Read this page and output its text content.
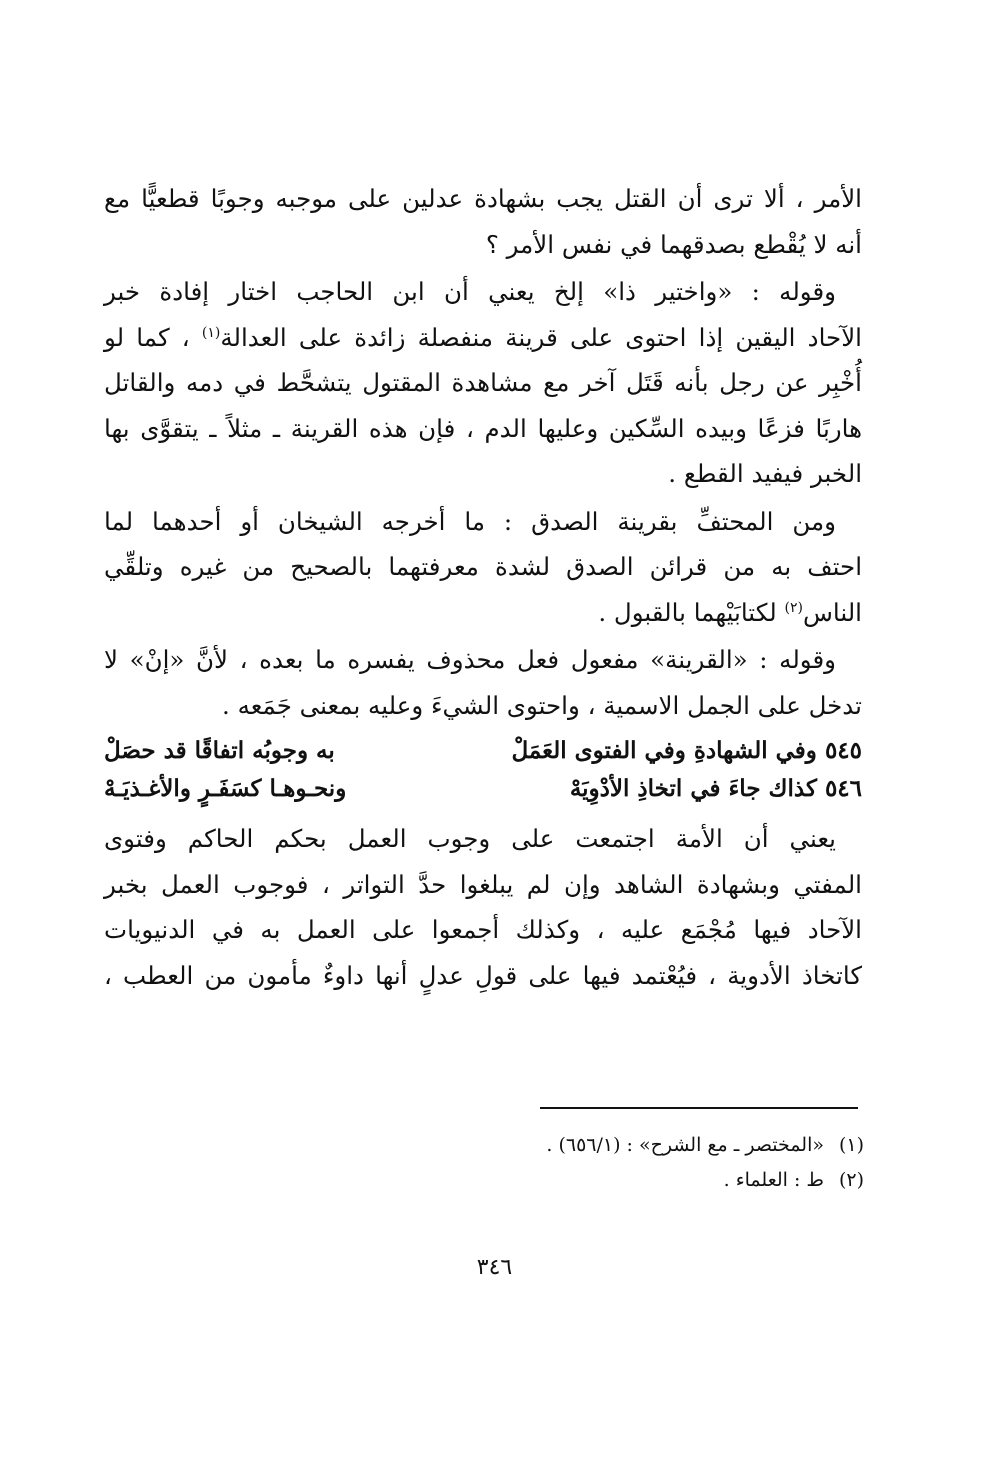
الأمر ، ألا ترى أن القتل يجب بشهادة عدلين على موجبه وجوبًا قطعيًّا مع
أنه لا يُقْطع بصدقهما في نفس الأمر ؟

وقوله : «واختير ذا» إلخ يعني أن ابن الحاجب اختار إفادة خبر
الآحاد اليقين إذا احتوى على قرينة منفصلة زائدة على العدالة$^{(١)}$ ، كما لو
أُخْبِر عن رجل بأنه قَتَل آخر مع مشاهدة المقتول يتشحَّط في دمه والقاتل
هاربًا فزعًا وبيده السِّكين وعليها الدم ، فإن هذه القرينة ـ مثلاً ـ يتقوَّى بها
الخبر فيفيد القطع .

ومن المحتفِّ بقرينة الصدق : ما أخرجه الشيخان أو أحدهما لما
احتف به من قرائن الصدق لشدة معرفتهما بالصحيح من غيره وتلقِّي
الناس$^{(٢)}$ لكتابَيْهما بالقبول .

وقوله : «القرينة» مفعول فعل محذوف يفسره ما بعده ، لأنَّ «إنْ» لا
تدخل على الجمل الاسمية ، واحتوى الشيءَ وعليه بمعنى جَمَعه .

٥٤٥ وفي الشهادةِ وفي الفتوى العَمَلْ
به وجوبُه اتفاقًا قد حصَلْ
٥٤٦ كذاك جاءَ في اتخاذِ الأدْوِيَهْ
ونحـوهـا كسَفَـرٍ والأغـذيَـهْ

يعني أن الأمة اجتمعت على وجوب العمل بحكم الحاكم وفتوى
المفتي وبشهادة الشاهد وإن لم يبلغوا حدَّ التواتر ، فوجوب العمل بخبر
الآحاد فيها مُجْمَع عليه ، وكذلك أجمعوا على العمل به في الدنيويات
كاتخاذ الأدوية ، فيُعْتمد فيها على قولِ عدلٍ أنها داوءٌ مأمون من العطب ،

(١)
«المختصر ـ مع الشرح» : (٦٥٦/١) .
(٢)
ط : العلماء .
٣٤٦
